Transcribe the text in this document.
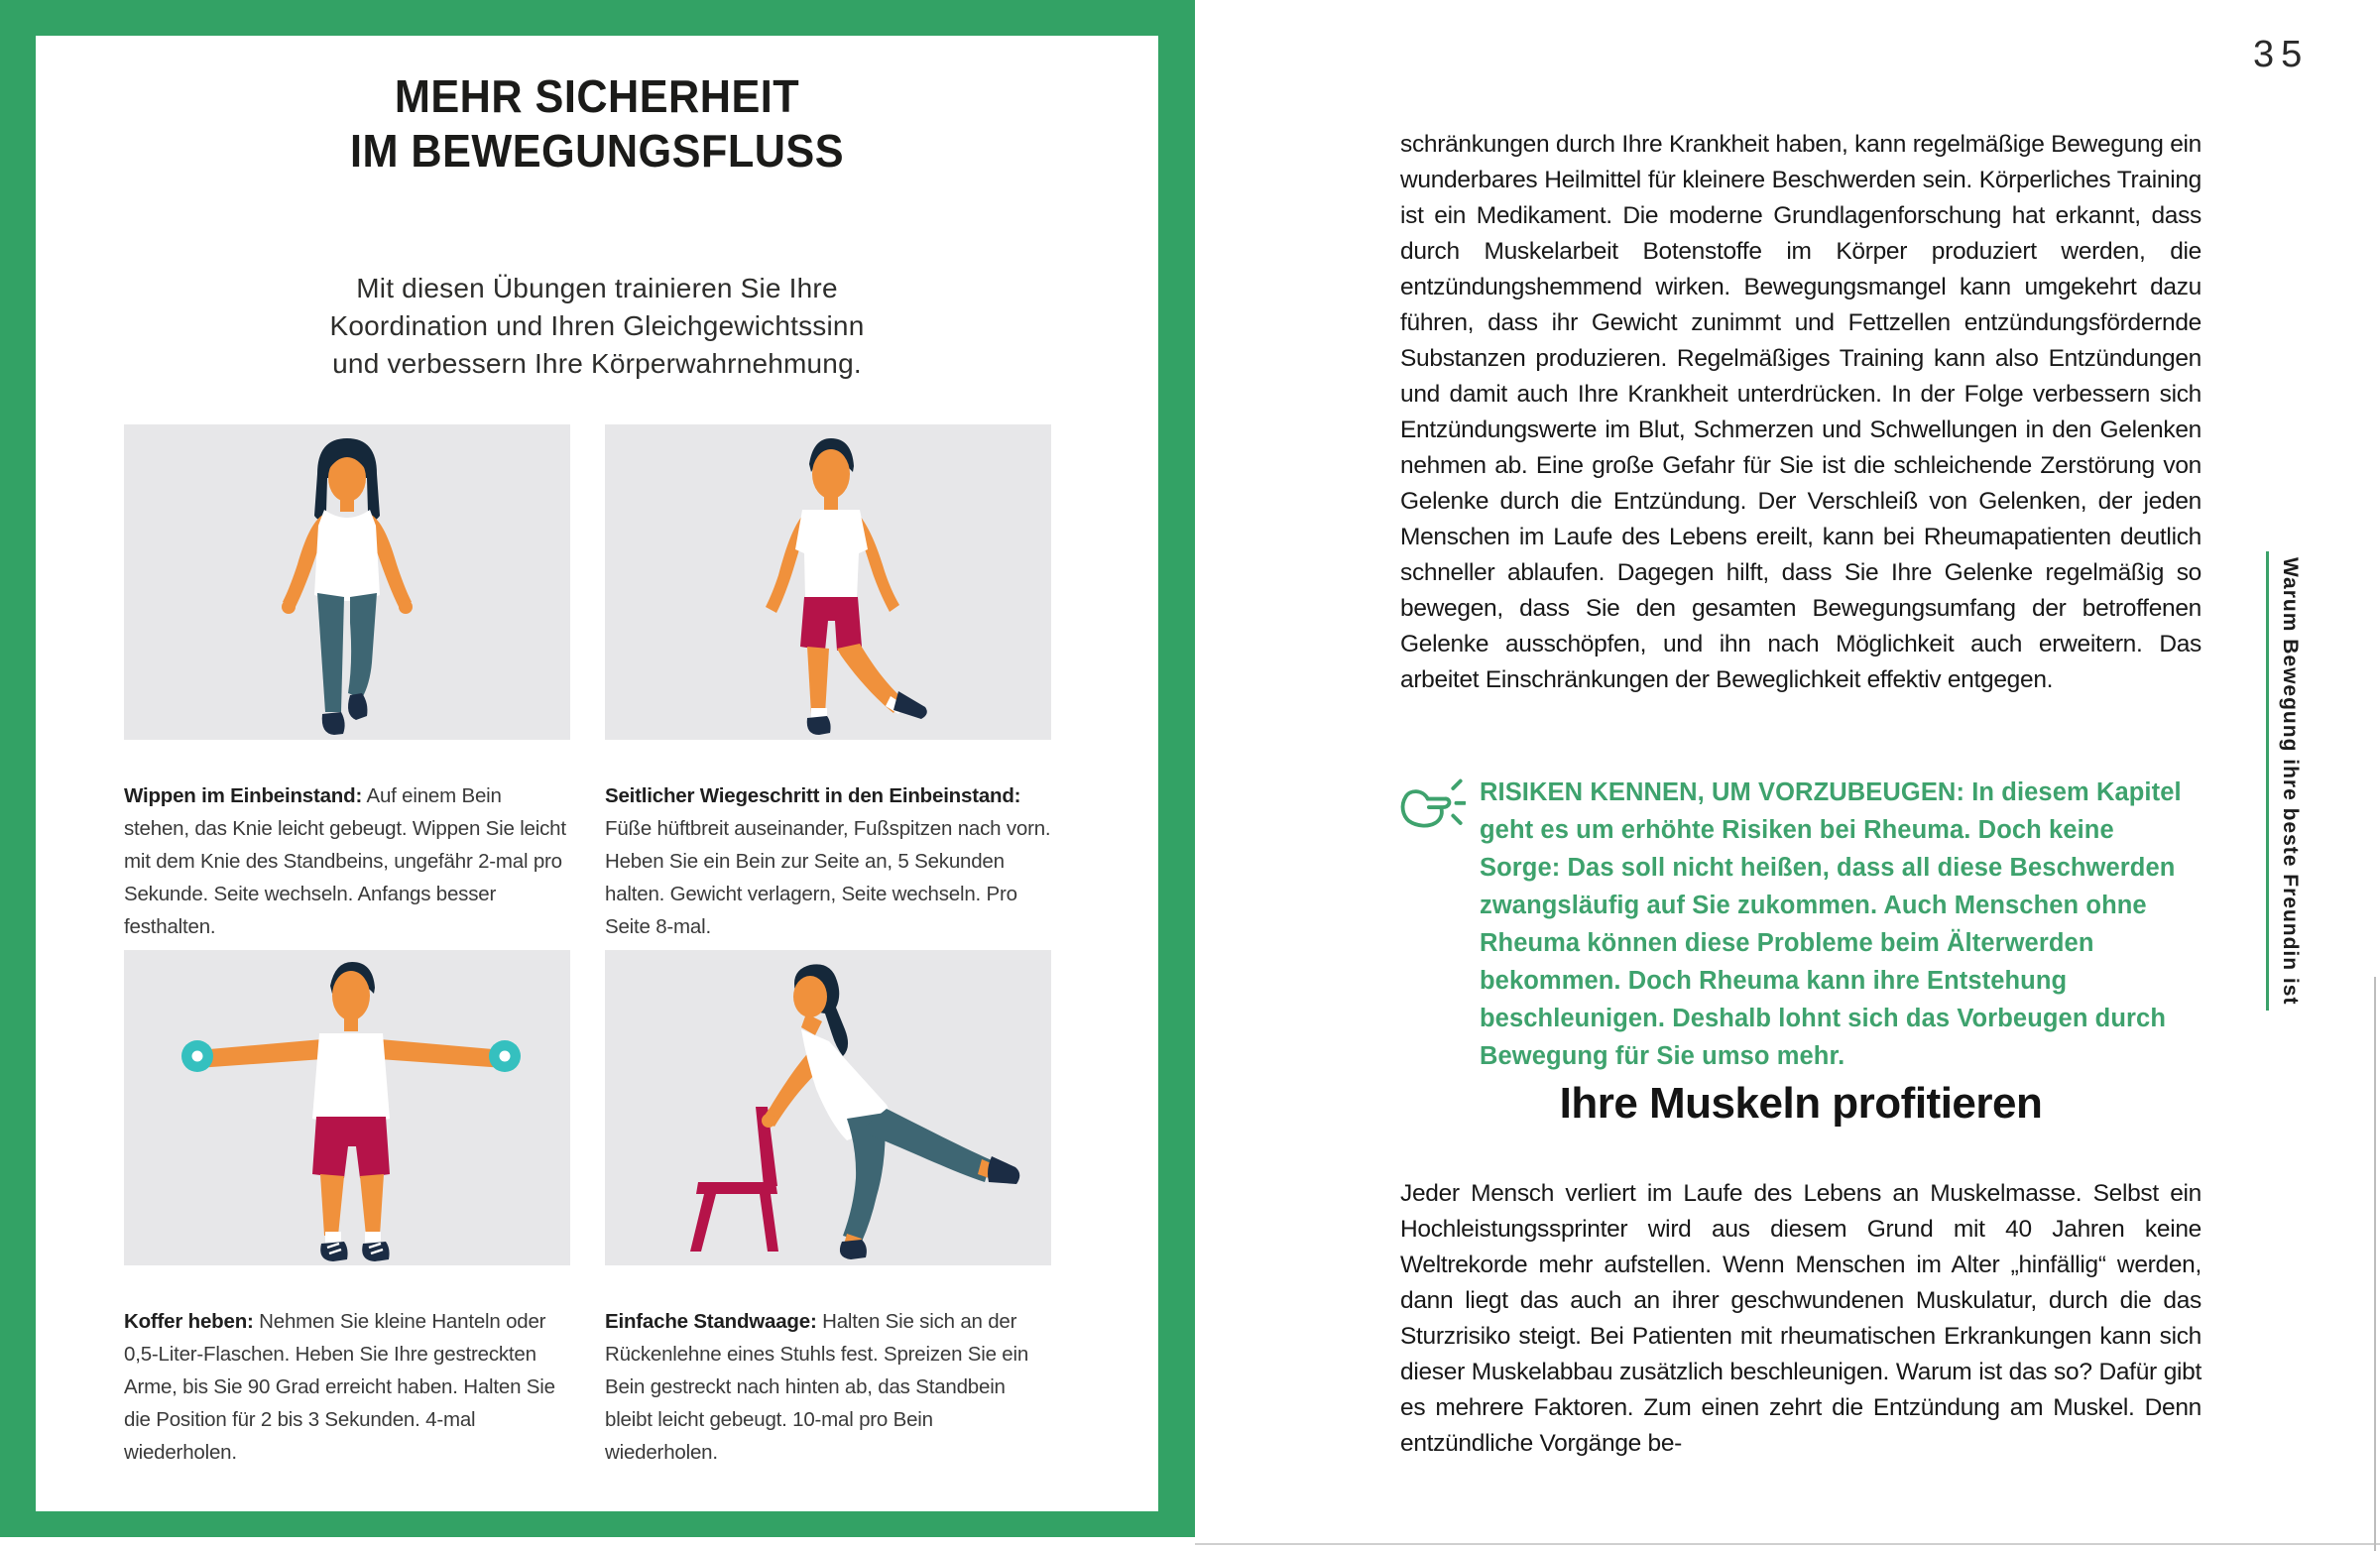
MEHR SICHERHEIT
IM BEWEGUNGSFLUSS
Mit diesen Übungen trainieren Sie Ihre
Koordination und Ihren Gleichgewichtssinn
und verbessern Ihre Körperwahrnehmung.

Wippen im Einbeinstand: Auf einem Bein stehen, das Knie leicht gebeugt. Wippen Sie leicht mit dem Knie des Standbeins, ungefähr 2-mal pro Sekunde. Seite wechseln. Anfangs besser festhalten.

Seitlicher Wiegeschritt in den Einbeinstand: Füße hüftbreit auseinander, Fußspitzen nach vorn. Heben Sie ein Bein zur Seite an, 5 Sekunden halten. Gewicht verlagern, Seite wechseln. Pro Seite 8-mal.

Koffer heben: Nehmen Sie kleine Hanteln oder 0,5-Liter-Flaschen. Heben Sie Ihre gestreckten Arme, bis Sie 90 Grad erreicht haben. Halten Sie die Position für 2 bis 3 Sekunden. 4-mal wiederholen.

Einfache Standwaage: Halten Sie sich an der Rückenlehne eines Stuhls fest. Spreizen Sie ein Bein gestreckt nach hinten ab, das Standbein bleibt leicht gebeugt. 10-mal pro Bein wiederholen.

35

schränkungen durch Ihre Krankheit haben, kann regelmäßige Bewegung ein wunderbares Heilmittel für kleinere Beschwerden sein. Körperliches Training ist ein Medikament. Die moderne Grundlagenforschung hat erkannt, dass durch Muskelarbeit Botenstoffe im Körper produziert werden, die entzündungshemmend wirken. Bewegungsmangel kann umgekehrt dazu führen, dass ihr Gewicht zunimmt und Fettzellen entzündungsfördernde Substanzen produzieren. Regelmäßiges Training kann also Entzündungen und damit auch Ihre Krankheit unterdrücken. In der Folge verbessern sich Entzündungswerte im Blut, Schmerzen und Schwellungen in den Gelenken nehmen ab. Eine große Gefahr für Sie ist die schleichende Zerstörung von Gelenke durch die Entzündung. Der Verschleiß von Gelenken, der jeden Menschen im Laufe des Lebens ereilt, kann bei Rheumapatienten deutlich schneller ablaufen. Dagegen hilft, dass Sie Ihre Gelenke regelmäßig so bewegen, dass Sie den gesamten Bewegungsumfang der betroffenen Gelenke ausschöpfen, und ihn nach Möglichkeit auch erweitern. Das arbeitet Einschränkungen der Beweglichkeit effektiv entgegen.

RISIKEN KENNEN, UM VORZUBEUGEN: In diesem Kapitel geht es um erhöhte Risiken bei Rheuma. Doch keine Sorge: Das soll nicht heißen, dass all diese Beschwerden zwangsläufig auf Sie zukommen. Auch Menschen ohne Rheuma können diese Probleme beim Älterwerden bekommen. Doch Rheuma kann ihre Entstehung beschleunigen. Deshalb lohnt sich das Vorbeugen durch Bewegung für Sie umso mehr.

Ihre Muskeln profitieren

Jeder Mensch verliert im Laufe des Lebens an Muskelmasse. Selbst ein Hochleistungssprinter wird aus diesem Grund mit 40 Jahren keine Weltrekorde mehr aufstellen. Wenn Menschen im Alter „hinfällig“ werden, dann liegt das auch an ihrer geschwundenen Muskulatur, durch die das Sturzrisiko steigt. Bei Patienten mit rheumatischen Erkrankungen kann sich dieser Muskelabbau zusätzlich beschleunigen. Warum ist das so? Dafür gibt es mehrere Faktoren. Zum einen zehrt die Entzündung am Muskel. Denn entzündliche Vorgänge be-

Warum Bewegung ihre beste Freundin ist
